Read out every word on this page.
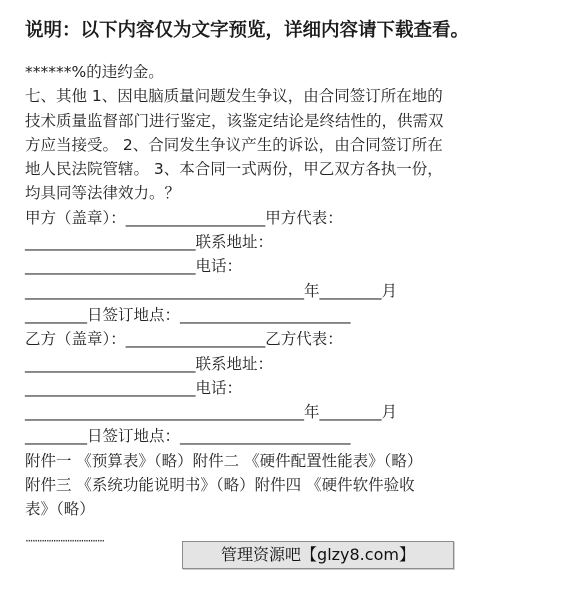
说明：以下内容仅为文字预览，详细内容请下载查看。
******%的违约金。
七、其他 1、因电脑质量问题发生争议，由合同签订所在地的
技术质量监督部门进行鉴定，该鉴定结论是终结性的，供需双
方应当接受。 2、合同发生争议产生的诉讼，由合同签订所在
地人民法院管辖。 3、本合同一式两份，甲乙双方各执一份，
均具同等法律效力。？
甲方（盖章）：__________________甲方代表：
______________________联系地址：
______________________电话：
____________________________________年________月
________日签订地点：______________________
乙方（盖章）：__________________乙方代表：
______________________联系地址：
______________________电话：
____________________________________年________月
________日签订地点：______________________
附件一 《预算表》（略）附件二 《硬件配置性能表》（略）
附件三 《系统功能说明书》（略）附件四 《硬件软件验收
表》（略）
··································
管理资源吧【glzy8.com】
